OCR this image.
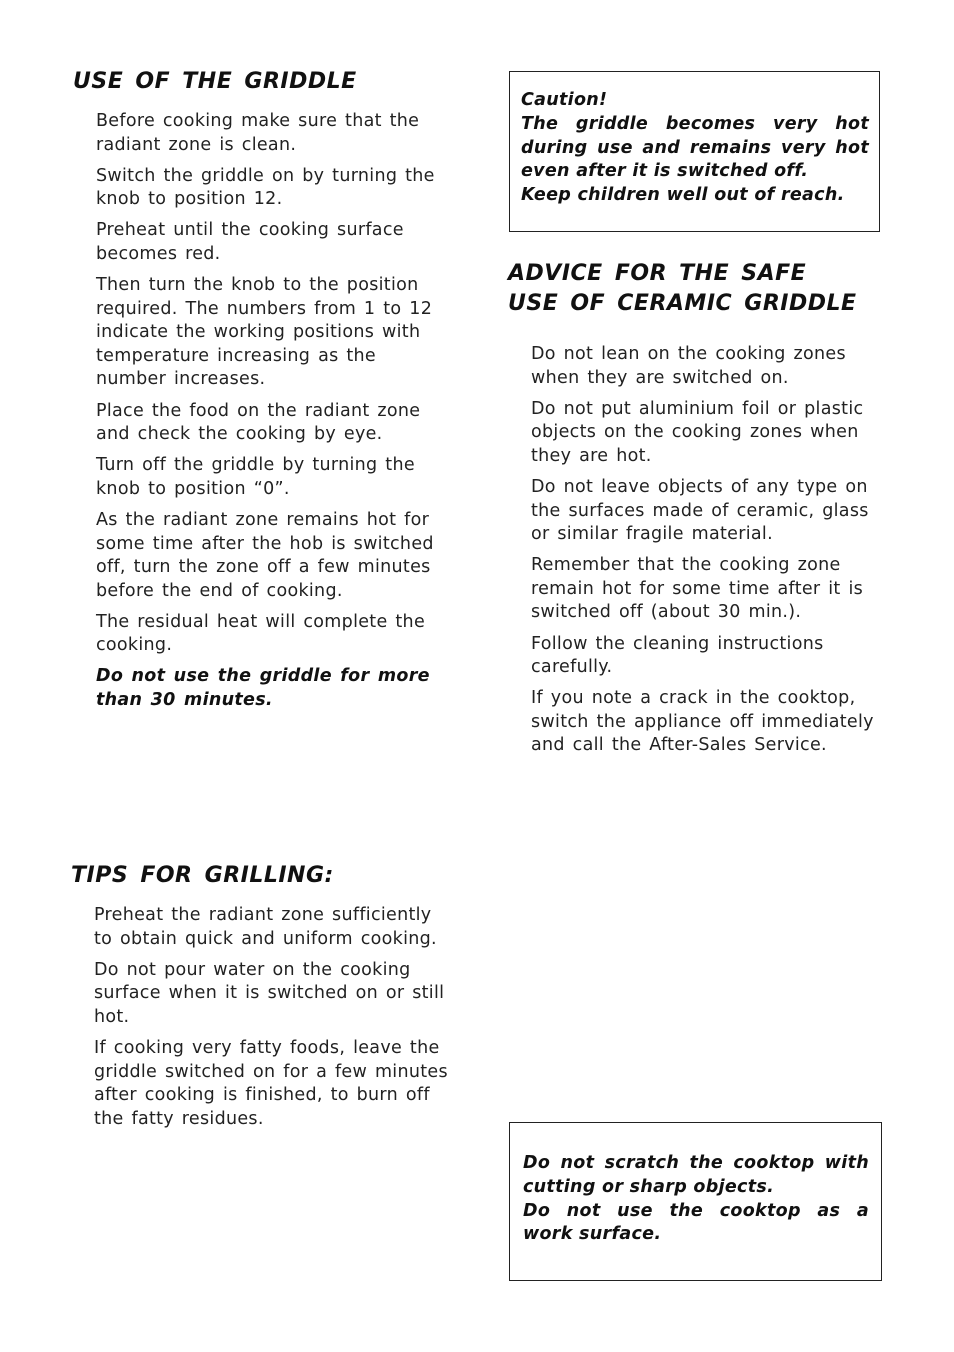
USE OF THE GRIDDLE

Before cooking make sure that the radiant zone is clean.

Switch the griddle on by turning the knob to position 12.

Preheat until the cooking surface becomes red.

Then turn the knob to the position required. The numbers from 1 to 12 indicate the working positions with temperature increasing as the number increases.

Place the food on the radiant zone and check the cooking by eye.

Turn off the griddle by turning the knob to position “0”.

As the radiant zone remains hot for some time after the hob is switched off, turn the zone off a few minutes before the end of cooking.

The residual heat will complete the cooking.

Do not use the griddle for more than 30 minutes.

Caution!
The griddle becomes very hot
during use and remains very hot
even after it is switched off.
Keep children well out of reach.
ADVICE FOR THE SAFE
USE OF CERAMIC GRIDDLE

Do not lean on the cooking zones when they are switched on.

Do not put aluminium foil or plastic objects on the cooking zones when they are hot.

Do not leave objects of any type on the surfaces made of ceramic, glass or similar fragile material.

Remember that the cooking zone remain hot for some time after it is switched off (about 30 min.).

Follow the cleaning instructions carefully.

If you note a crack in the cooktop, switch the appliance off immediately and call the After-Sales Service.

TIPS FOR GRILLING:

Preheat the radiant zone sufficiently to obtain quick and uniform cooking.

Do not pour water on the cooking surface when it is switched on or still hot.

If cooking very fatty foods, leave the griddle switched on for a few minutes after cooking is finished, to burn off the fatty residues.

Do not scratch the cooktop with
cutting or sharp objects.
Do not use the cooktop as a
work surface.
